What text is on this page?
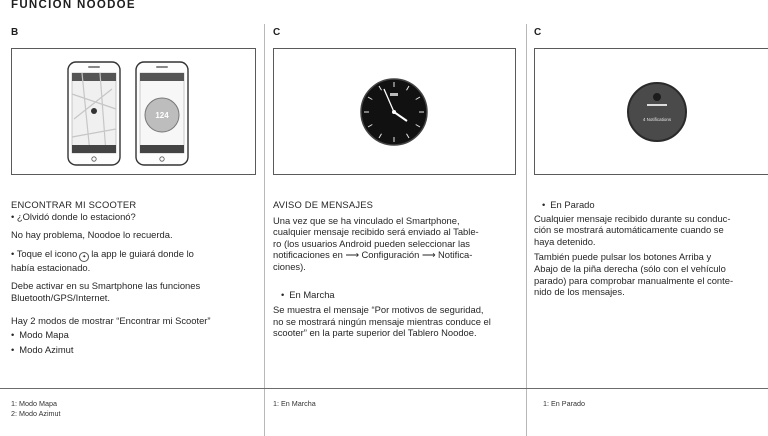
FUNCIÓN NOODOE
B
124

ENCONTRAR MI SCOOTER

• ¿Olvidó donde lo estacionó?

No hay problema, Noodoe lo recuerda.

• Toque el icono ✦ la app le guiará donde lo

había estacionado.

Debe activar en su Smartphone las funciones

Bluetooth/GPS/Internet.

Hay 2 modos de mostrar “Encontrar mi Scooter”

• Modo Mapa

• Modo Azimut

1: Modo Mapa

2: Modo Azimut

C

AVISO DE MENSAJES

Una vez que se ha vinculado el Smartphone,

cualquier mensaje recibido será enviado al Table-

ro (los usuarios Android pueden seleccionar las

notificaciones en ⟶ Configuración ⟶ Notifica-

ciones).

• En Marcha

Se muestra el mensaje “Por motivos de seguridad,

no se mostrará ningún mensaje mientras conduce el

scooter” en la parte superior del Tablero Noodoe.

1: En Marcha

C
4 Notifications

• En Parado

Cualquier mensaje recibido durante su conduc-

ción se mostrará automáticamente cuando se

haya detenido.

También puede pulsar los botones Arriba y

Abajo de la piña derecha (sólo con el vehículo

parado) para comprobar manualmente el conte-

nido de los mensajes.

1: En Parado
